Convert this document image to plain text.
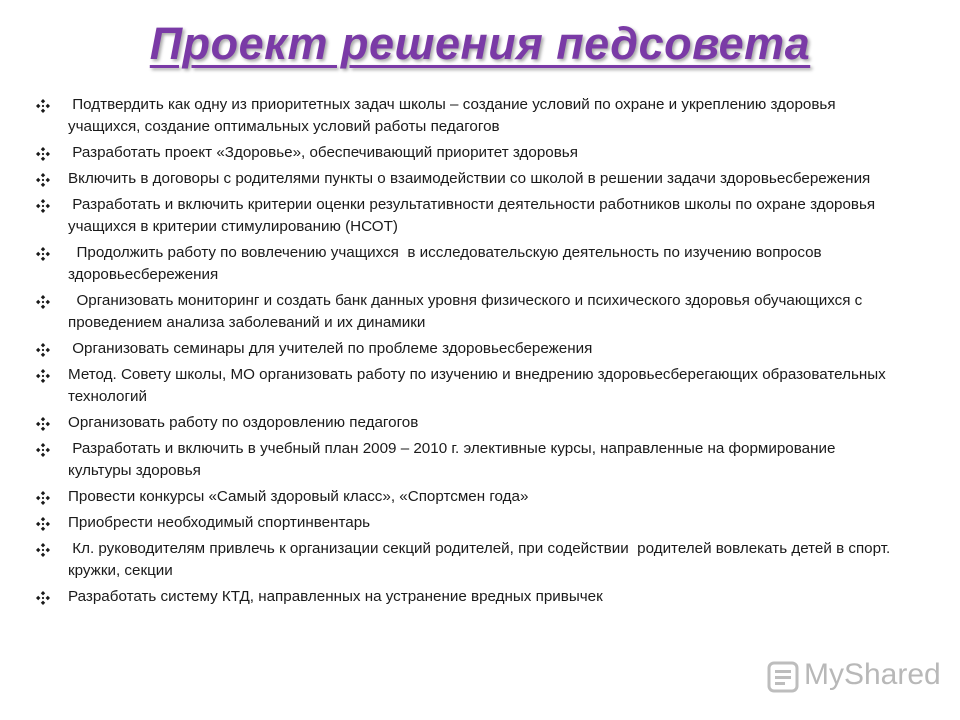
Проект решения педсовета
Подтвердить как одну из приоритетных задач школы – создание условий по охране и укреплению здоровья учащихся, создание оптимальных условий работы педагогов
Разработать проект «Здоровье», обеспечивающий приоритет здоровья
Включить в договоры с родителями пункты о взаимодействии со школой в решении задачи здоровьесбережения
Разработать и включить критерии оценки результативности деятельности работников школы по охране здоровья учащихся в критерии стимулированию (НСОТ)
Продолжить работу по вовлечению учащихся  в исследовательскую деятельность по изучению вопросов здоровьесбережения
Организовать мониторинг и создать банк данных уровня физического и психического здоровья обучающихся с проведением анализа заболеваний и их динамики
Организовать семинары для учителей по проблеме здоровьесбережения
Метод. Совету школы, МО организовать работу по изучению и внедрению здоровьесберегающих образовательных технологий
Организовать работу по оздоровлению педагогов
Разработать и включить в учебный план 2009 – 2010 г. элективные курсы, направленные на формирование культуры здоровья
Провести конкурсы «Самый здоровый класс», «Спортсмен года»
Приобрести необходимый спортинвентарь
Кл. руководителям привлечь к организации секций родителей, при содействии  родителей вовлекать детей в спорт. кружки, секции
Разработать систему КТД, направленных на устранение вредных привычек
MyShared
